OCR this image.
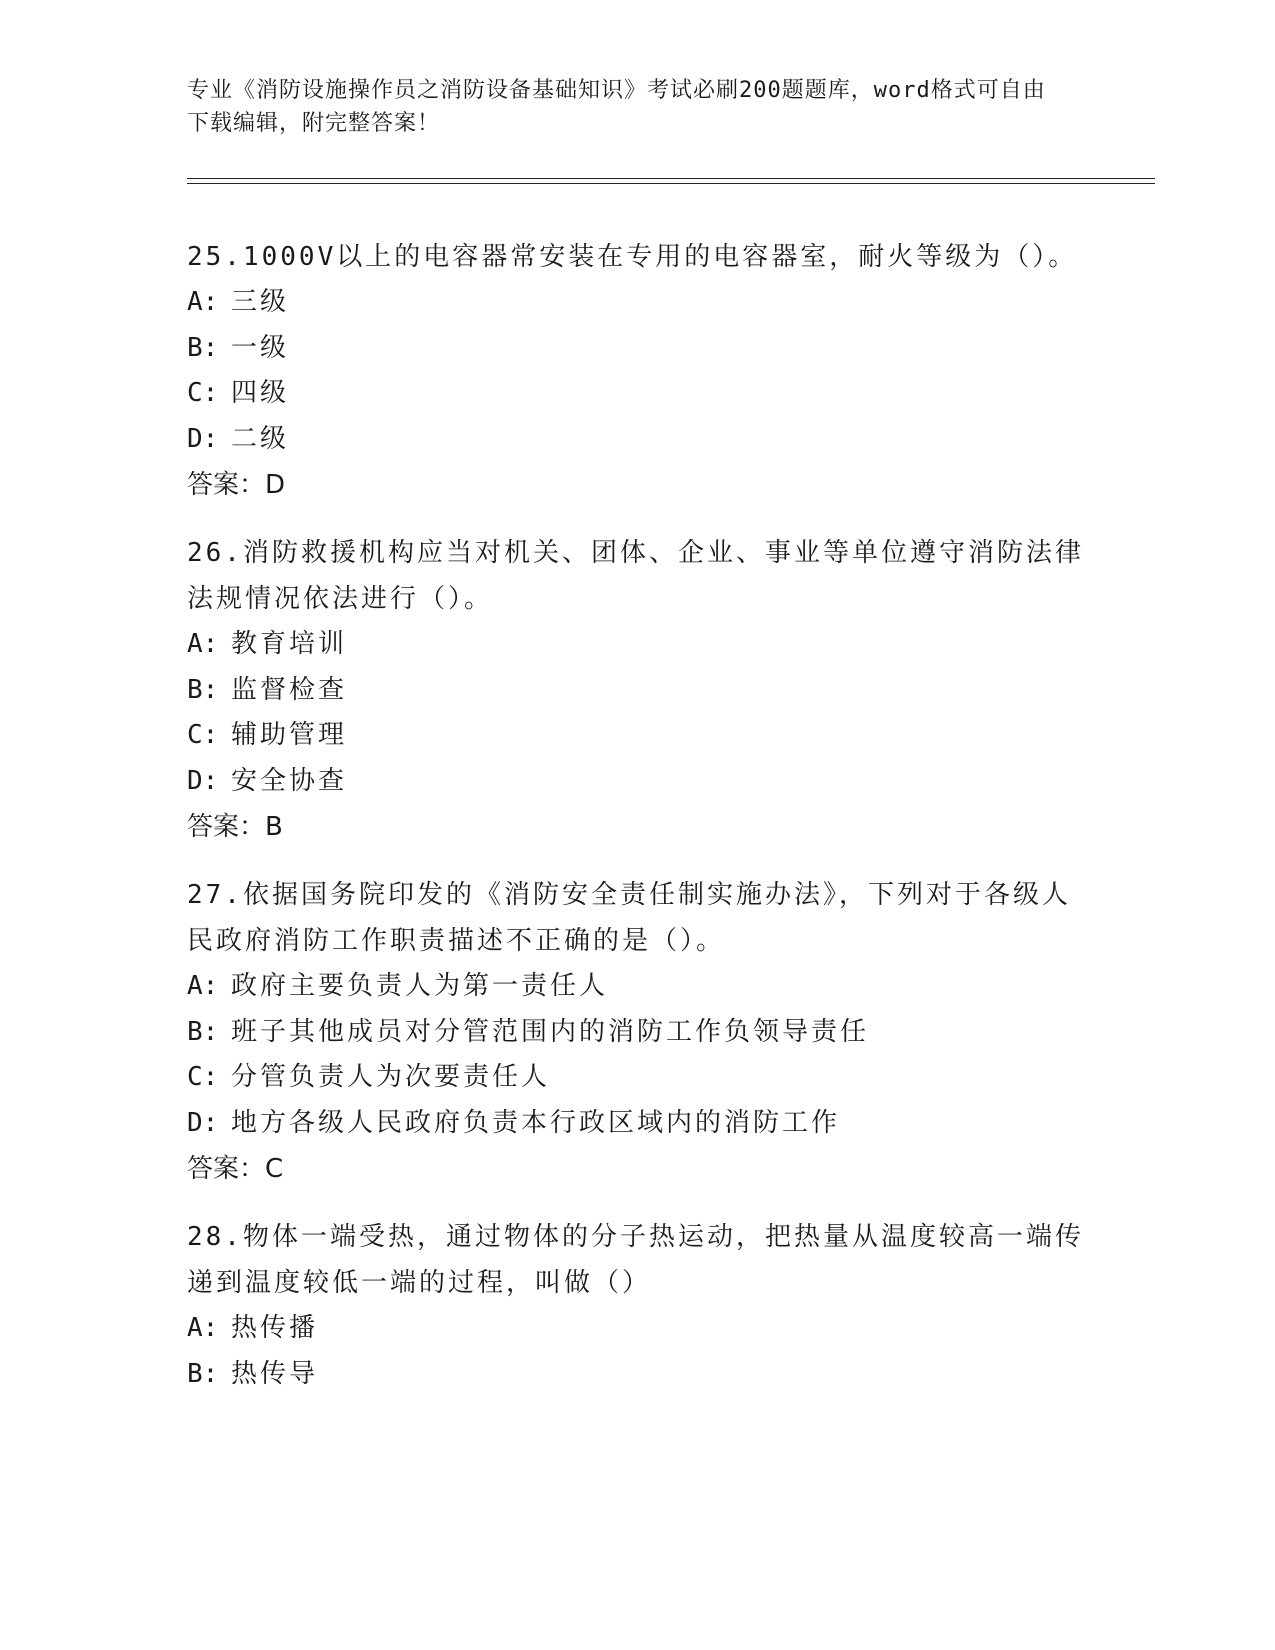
专业《消防设施操作员之消防设备基础知识》考试必刷200题题库，word格式可自由下载编辑，附完整答案！
25.1000V以上的电容器常安装在专用的电容器室，耐火等级为（）。
A: 三级
B: 一级
C: 四级
D: 二级
答案：D
26.消防救援机构应当对机关、团体、企业、事业等单位遵守消防法律法规情况依法进行（）。
A: 教育培训
B: 监督检查
C: 辅助管理
D: 安全协查
答案：B
27.依据国务院印发的《消防安全责任制实施办法》，下列对于各级人民政府消防工作职责描述不正确的是（）。
A: 政府主要负责人为第一责任人
B: 班子其他成员对分管范围内的消防工作负领导责任
C: 分管负责人为次要责任人
D: 地方各级人民政府负责本行政区域内的消防工作
答案：C
28.物体一端受热，通过物体的分子热运动，把热量从温度较高一端传递到温度较低一端的过程，叫做（）
A: 热传播
B: 热传导
